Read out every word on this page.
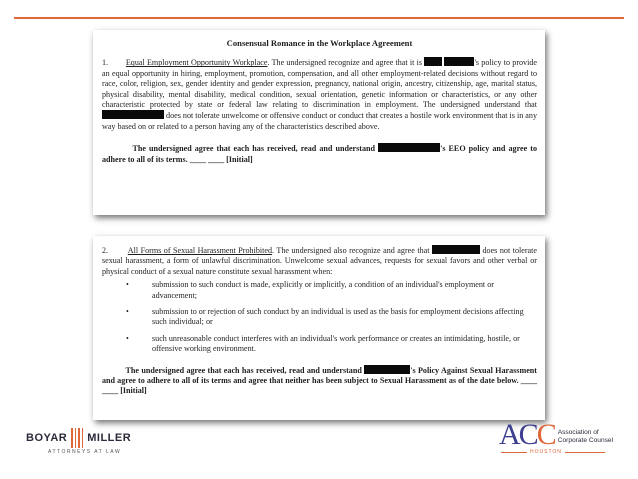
Consensual Romance in the Workplace Agreement
1. Equal Employment Opportunity Workplace. The undersigned recognize and agree that it is	's policy to provide an equal opportunity in hiring, employment, promotion, compensation, and all other employment-related decisions without regard to race, color, religion, sex, gender identity and gender expression, pregnancy, national origin, ancestry, citizenship, age, marital status, physical disability, mental disability, medical condition, sexual orientation, genetic information or characteristics, or any other characteristic protected by state or federal law relating to discrimination in employment. The undersigned understand that  does not tolerate unwelcome or offensive conduct or conduct that creates a hostile work environment that is in any way based on or related to a person having any of the characteristics described above.
The undersigned agree that each has received, read and understand	's EEO policy and agree to adhere to all of its terms. ____ ____ [Initial]
2. All Forms of Sexual Harassment Prohibited. The undersigned also recognize and agree that	does not tolerate sexual harassment, a form of unlawful discrimination. Unwelcome sexual advances, requests for sexual favors and other verbal or physical conduct of a sexual nature constitute sexual harassment when:
•	submission to such conduct is made, explicitly or implicitly, a condition of an individual's employment or advancement;
•	submission to or rejection of such conduct by an individual is used as the basis for employment decisions affecting such individual; or
•	such unreasonable conduct interferes with an individual's work performance or creates an intimidating, hostile, or offensive working environment.
The undersigned agree that each has received, read and understand	's Policy Against Sexual Harassment and agree to adhere to all of its terms and agree that neither has been subject to Sexual Harassment as of the date below. ____ ____ [Initial]
BOYAR MILLER
ATTORNEYS AT LAW
ACC Association of
Corporate Counsel
HOUSTON
